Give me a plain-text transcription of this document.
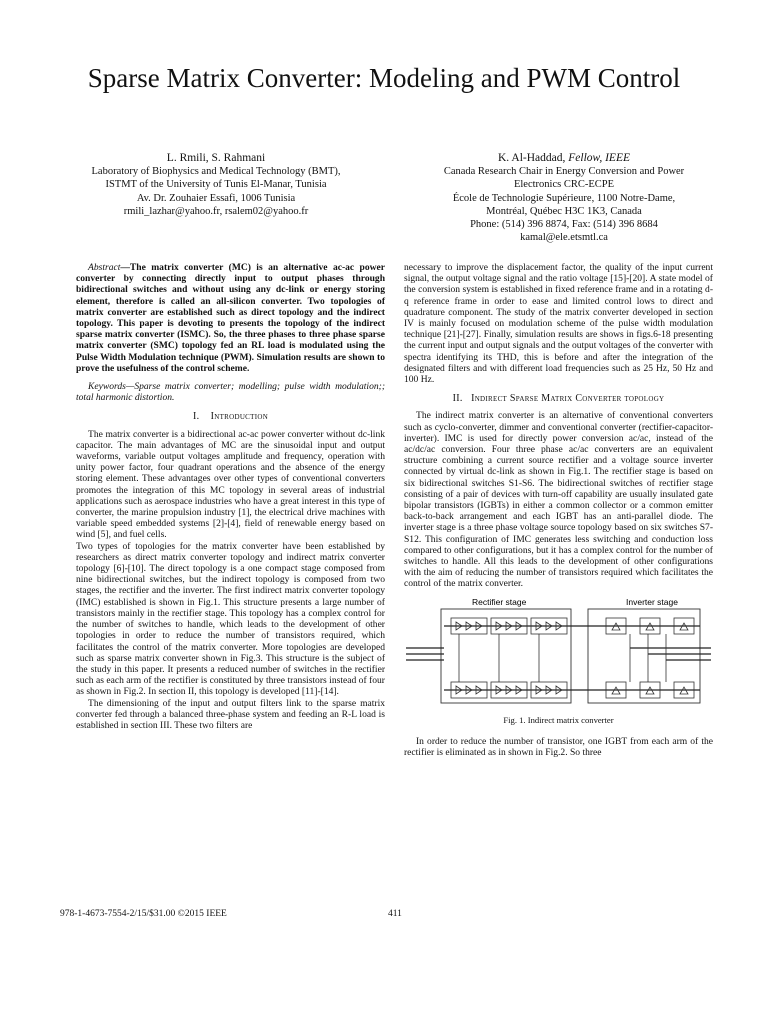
Sparse Matrix Converter: Modeling and PWM Control
L. Rmili, S. Rahmani
Laboratory of Biophysics and Medical Technology (BMT),
ISTMT of the University of Tunis El-Manar, Tunisia
Av. Dr. Zouhaier Essafi, 1006 Tunisia
rmili_lazhar@yahoo.fr, rsalem02@yahoo.fr
K. Al-Haddad, Fellow, IEEE
Canada Research Chair in Energy Conversion and Power
Electronics CRC-ECPE
École de Technologie Supérieure, 1100 Notre-Dame,
Montréal, Québec H3C 1K3, Canada
Phone: (514) 396 8874, Fax: (514) 396 8684
kamal@ele.etsmtl.ca

Abstract—The matrix converter (MC) is an alternative ac-ac power converter by connecting directly input to output phases through bidirectional switches and without using any dc-link or energy storing element, therefore is called an all-silicon converter. Two topologies of matrix converter are established such as direct topology and the indirect topology. This paper is devoting to presents the topology of the indirect sparse matrix converter (ISMC). So, the three phases to three phase sparse matrix converter (SMC) topology fed an RL load is modulated using the Pulse Width Modulation technique (PWM). Simulation results are shown to prove the usefulness of the control scheme.

Keywords—Sparse matrix converter; modelling; pulse width modulation;; total harmonic distortion.

I. Introduction

The matrix converter is a bidirectional ac-ac power converter without dc-link capacitor. The main advantages of MC are the sinusoidal input and output waveforms, variable output voltages amplitude and frequency, operation with unity power factor, four quadrant operations and the absence of the energy storing element. These advantages over other types of conventional converters promotes the integration of this MC topology in several areas of industrial applications such as aerospace industries who have a great interest in this type of converter, the marine propulsion industry [1], the electrical drive machines with variable speed embedded systems [2]-[4], field of renewable energy based on wind [5], and fuel cells.

Two types of topologies for the matrix converter have been established by researchers as direct matrix converter topology and indirect matrix converter topology [6]-[10]. The direct topology is a one compact stage composed from nine bidirectional switches, but the indirect topology is composed from two stages, the rectifier and the inverter. The first indirect matrix converter topology (IMC) established is shown in Fig.1. This structure presents a large number of transistors mainly in the rectifier stage. This topology has a complex control for the number of switches to handle, which leads to the development of other topologies in order to reduce the number of transistors required, which facilitates the control of the matrix converter. More topologies are developed such as sparse matrix converter shown in Fig.3. This structure is the subject of the study in this paper. It presents a reduced number of switches in the rectifier such as each arm of the rectifier is constituted by three transistors instead of four as shown in Fig.2. In section II, this topology is developed [11]-[14].

The dimensioning of the input and output filters link to the sparse matrix converter fed through a balanced three-phase system and feeding an R-L load is established in section III. These two filters are

necessary to improve the displacement factor, the quality of the input current signal, the output voltage signal and the ratio voltage [15]-[20]. A state model of the conversion system is established in fixed reference frame and in a rotating d-q reference frame in order to ease and limited control lows to direct and quadrature component. The study of the matrix converter developed in section IV is mainly focused on modulation scheme of the pulse width modulation technique [21]-[27]. Finally, simulation results are shows in figs.6-18 presenting the current input and output signals and the output voltages of the converter with spectra identifying its THD, this is before and after the integration of the designated filters and with different load frequencies such as 25 Hz, 50 Hz and 100 Hz.

II. Indirect Sparse Matrix Converter topology

The indirect matrix converter is an alternative of conventional converters such as cyclo-converter, dimmer and conventional converter (rectifier-capacitor-inverter). IMC is used for directly power conversion ac/ac, instead of the ac/dc/ac conversion. Four three phase ac/ac converters are an equivalent structure combining a current source rectifier and a voltage source inverter connected by virtual dc-link as shown in Fig.1. The rectifier stage is based on six bidirectional switches S1-S6. The bidirectional switches of rectifier stage consisting of a pair of devices with turn-off capability are usually insulated gate bipolar transistors (IGBTs) in either a common collector or a common emitter back-to-back arrangement and each IGBT has an anti-parallel diode. The inverter stage is a three phase voltage source topology based on six switches S7-S12. This configuration of IMC generates less switching and conduction loss compared to other configurations, but it has a complex control for the number of switches to handle. All this leads to the development of other configurations with the aim of reducing the number of transistors required which facilitates the control of the matrix converter.

Rectifier stage	Inverter stage

Fig. 1. Indirect matrix converter

In order to reduce the number of transistor, one IGBT from each arm of the rectifier is eliminated as in shown in Fig.2. So three

978-1-4673-7554-2/15/$31.00 ©2015 IEEE	411
